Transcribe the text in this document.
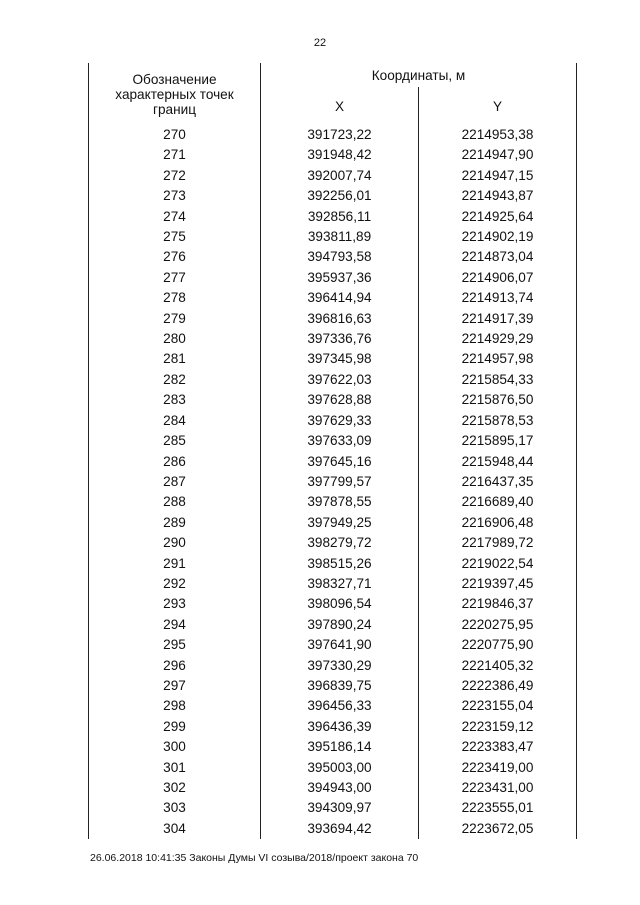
22
Обозначение
характерных точек
границ	Координаты, м	
	X	Y
270	391723,22	2214953,38
271	391948,42	2214947,90
272	392007,74	2214947,15
273	392256,01	2214943,87
274	392856,11	2214925,64
275	393811,89	2214902,19
276	394793,58	2214873,04
277	395937,36	2214906,07
278	396414,94	2214913,74
279	396816,63	2214917,39
280	397336,76	2214929,29
281	397345,98	2214957,98
282	397622,03	2215854,33
283	397628,88	2215876,50
284	397629,33	2215878,53
285	397633,09	2215895,17
286	397645,16	2215948,44
287	397799,57	2216437,35
288	397878,55	2216689,40
289	397949,25	2216906,48
290	398279,72	2217989,72
291	398515,26	2219022,54
292	398327,71	2219397,45
293	398096,54	2219846,37
294	397890,24	2220275,95
295	397641,90	2220775,90
296	397330,29	2221405,32
297	396839,75	2222386,49
298	396456,33	2223155,04
299	396436,39	2223159,12
300	395186,14	2223383,47
301	395003,00	2223419,00
302	394943,00	2223431,00
303	394309,97	2223555,01
304	393694,42	2223672,05
26.06.2018 10:41:35 Законы Думы VI созыва/2018/проект закона 70
